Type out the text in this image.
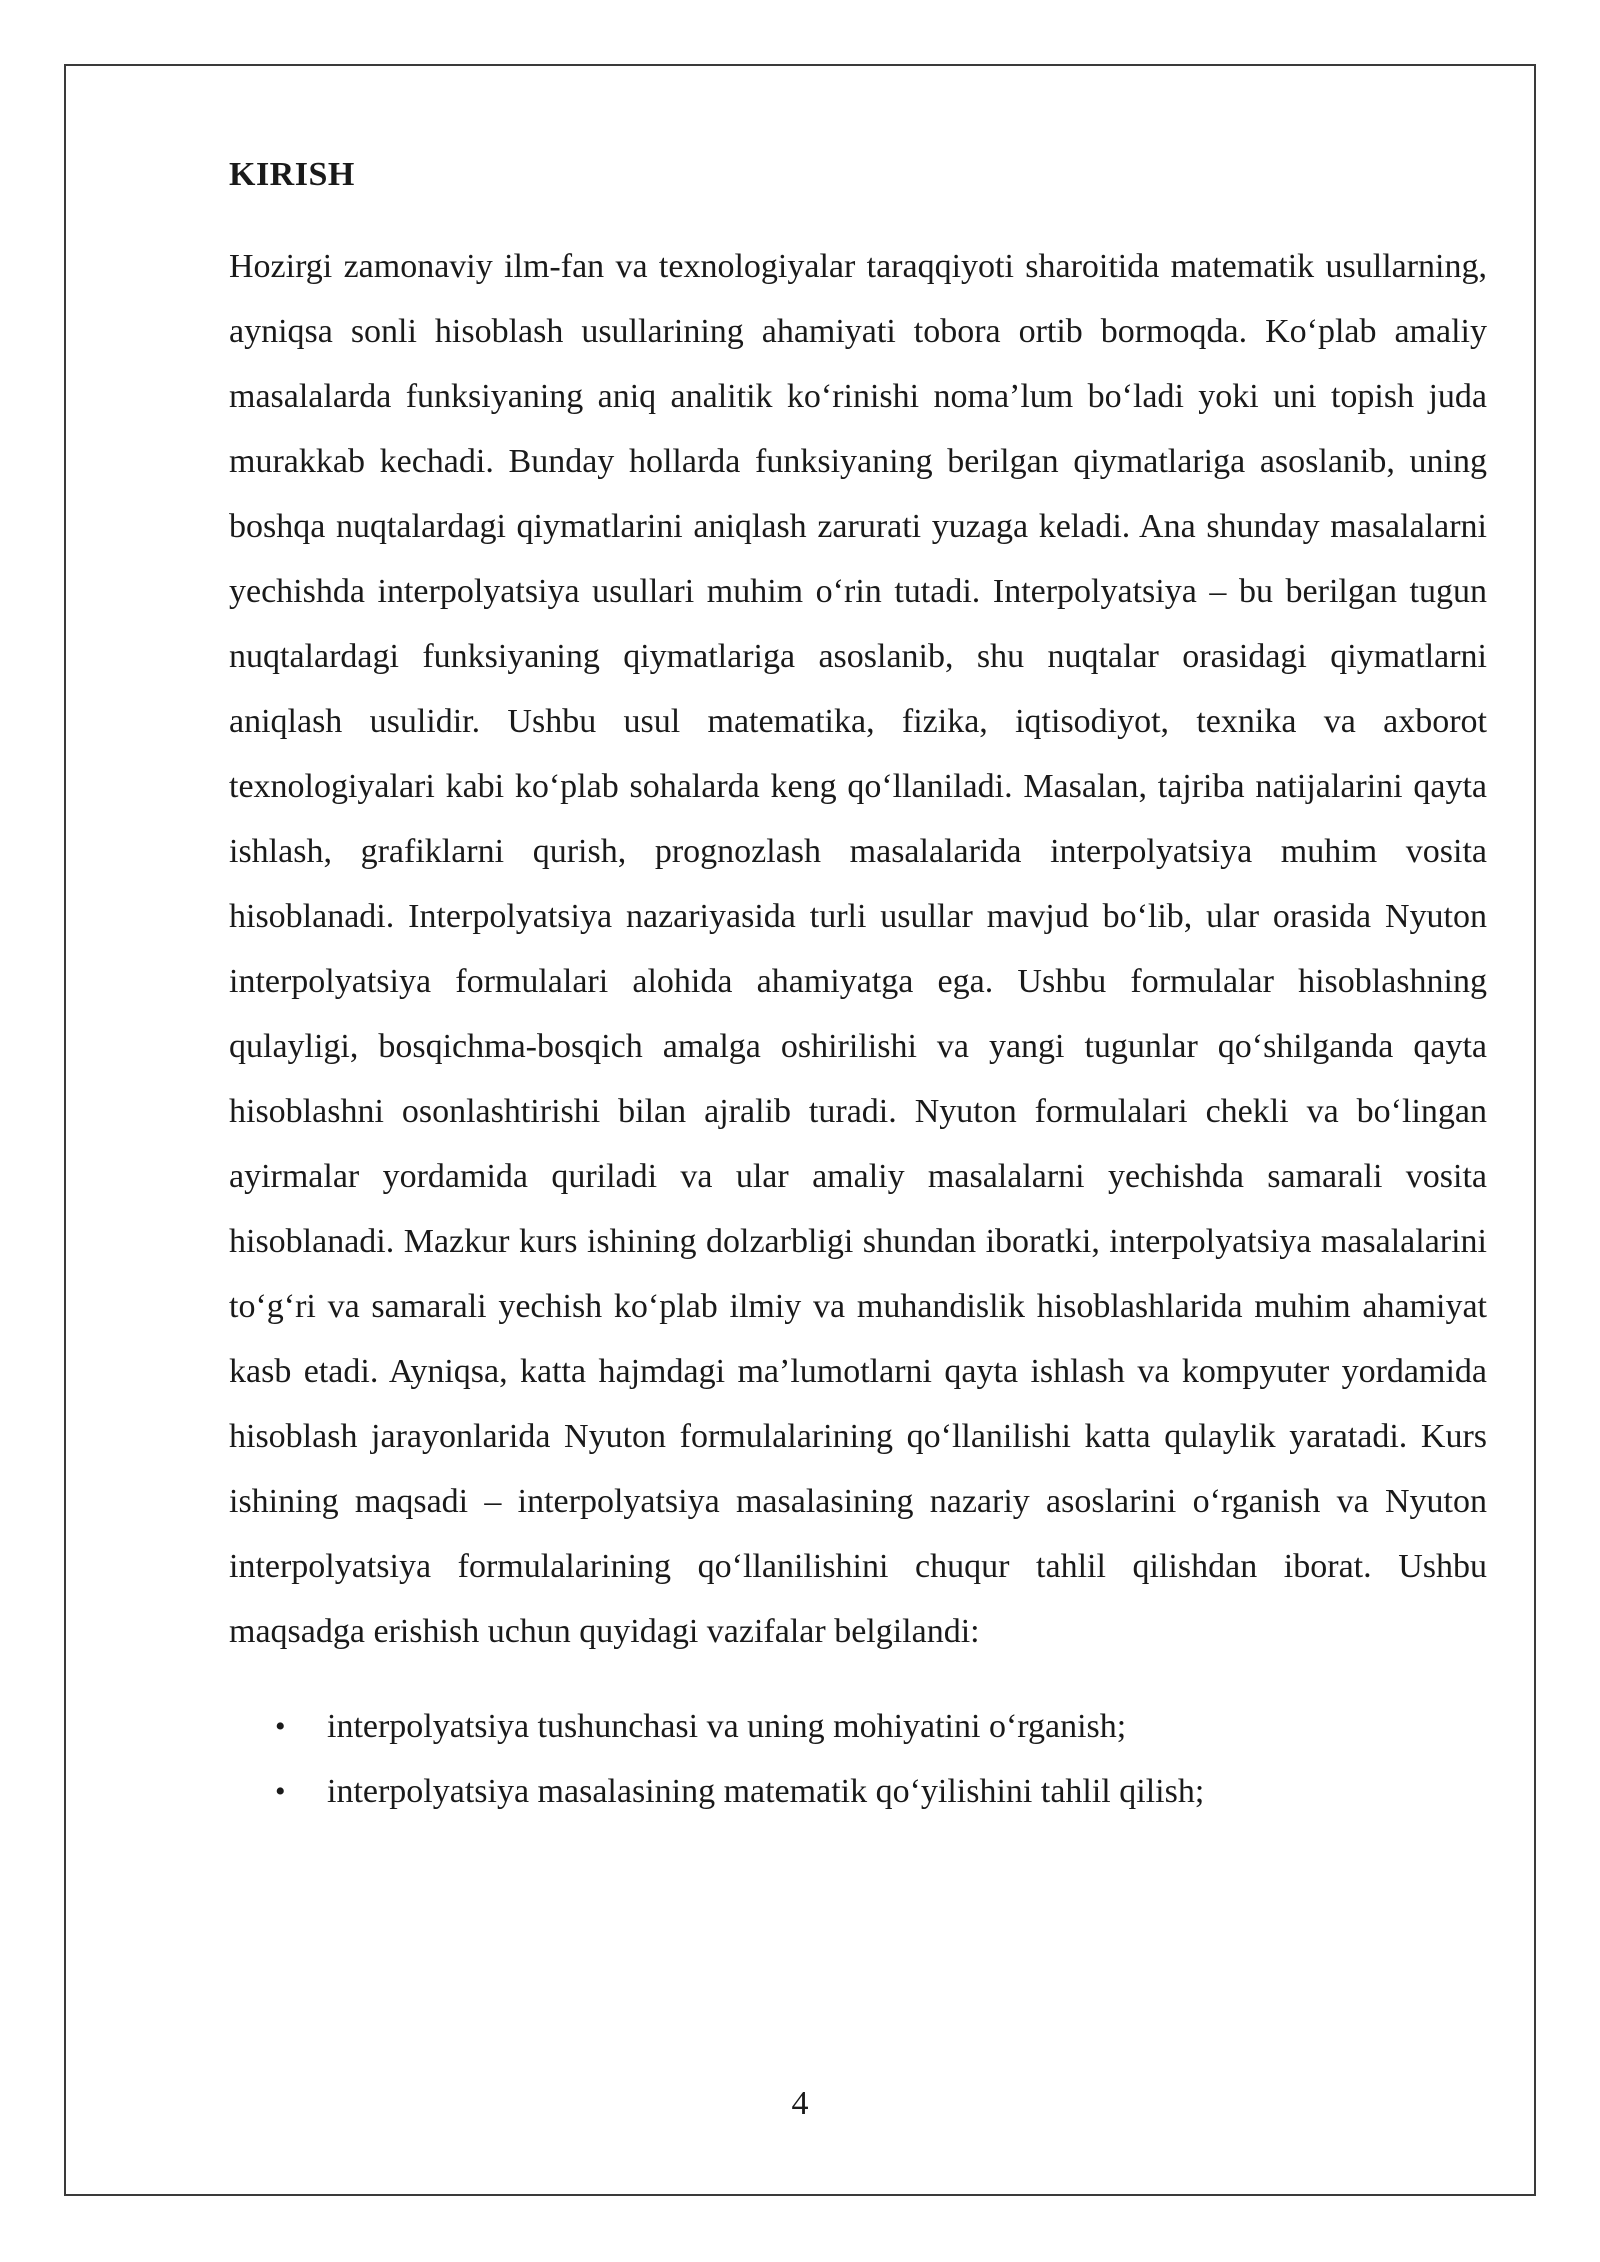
KIRISH

Hozirgi zamonaviy ilm-fan va texnologiyalar taraqqiyoti sharoitida matematik usullarning, ayniqsa sonli hisoblash usullarining ahamiyati tobora ortib bormoqda. Ko‘plab amaliy masalalarda funksiyaning aniq analitik ko‘rinishi noma’lum bo‘ladi yoki uni topish juda murakkab kechadi. Bunday hollarda funksiyaning berilgan qiymatlariga asoslanib, uning boshqa nuqtalardagi qiymatlarini aniqlash zarurati yuzaga keladi. Ana shunday masalalarni yechishda interpolyatsiya usullari muhim o‘rin tutadi. Interpolyatsiya – bu berilgan tugun nuqtalardagi funksiyaning qiymatlariga asoslanib, shu nuqtalar orasidagi qiymatlarni aniqlash usulidir. Ushbu usul matematika, fizika, iqtisodiyot, texnika va axborot texnologiyalari kabi ko‘plab sohalarda keng qo‘llaniladi. Masalan, tajriba natijalarini qayta ishlash, grafiklarni qurish, prognozlash masalalarida interpolyatsiya muhim vosita hisoblanadi. Interpolyatsiya nazariyasida turli usullar mavjud bo‘lib, ular orasida Nyuton interpolyatsiya formulalari alohida ahamiyatga ega. Ushbu formulalar hisoblashning qulayligi, bosqichma-bosqich amalga oshirilishi va yangi tugunlar qo‘shilganda qayta hisoblashni osonlashtirishi bilan ajralib turadi. Nyuton formulalari chekli va bo‘lingan ayirmalar yordamida quriladi va ular amaliy masalalarni yechishda samarali vosita hisoblanadi. Mazkur kurs ishining dolzarbligi shundan iboratki, interpolyatsiya masalalarini to‘g‘ri va samarali yechish ko‘plab ilmiy va muhandislik hisoblashlarida muhim ahamiyat kasb etadi. Ayniqsa, katta hajmdagi ma’lumotlarni qayta ishlash va kompyuter yordamida hisoblash jarayonlarida Nyuton formulalarining qo‘llanilishi katta qulaylik yaratadi. Kurs ishining maqsadi – interpolyatsiya masalasining nazariy asoslarini o‘rganish va Nyuton interpolyatsiya formulalarining qo‘llanilishini chuqur tahlil qilishdan iborat. Ushbu maqsadga erishish uchun quyidagi vazifalar belgilandi:

• interpolyatsiya tushunchasi va uning mohiyatini o‘rganish;
• interpolyatsiya masalasining matematik qo‘yilishini tahlil qilish;
4
